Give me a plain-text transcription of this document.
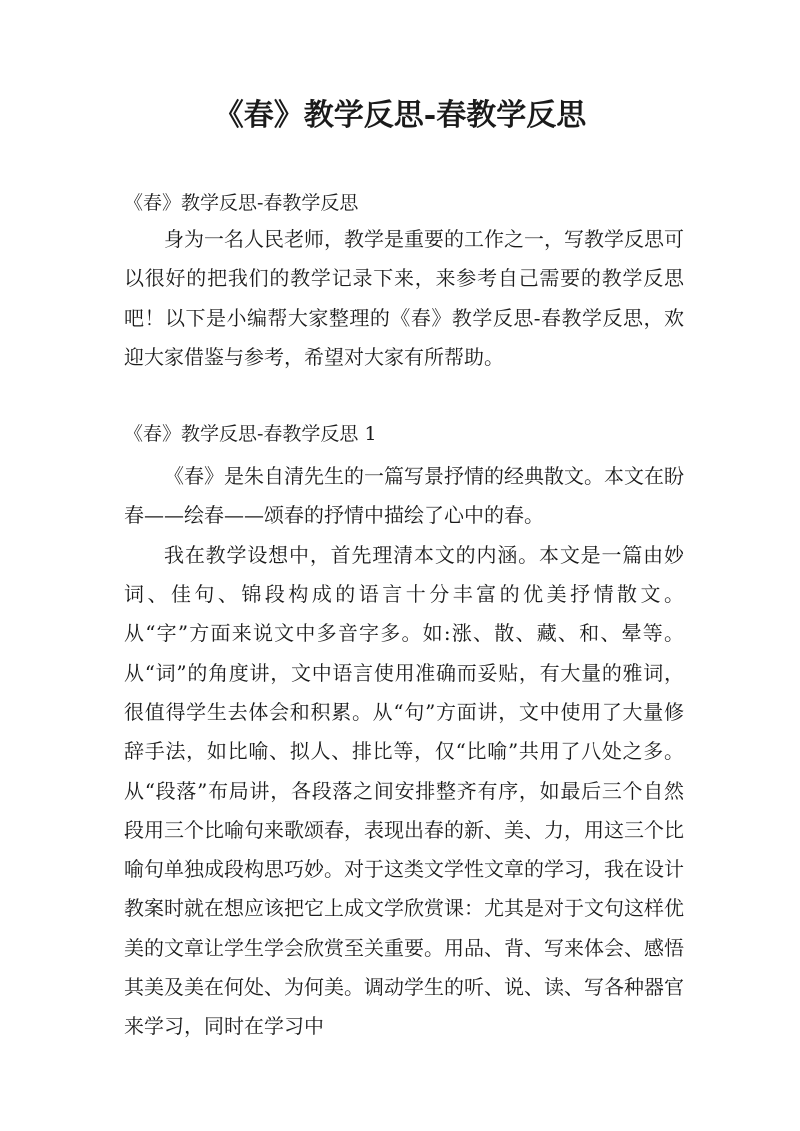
《春》教学反思-春教学反思

《春》教学反思-春教学反思

身为一名人民老师，教学是重要的工作之一，写教学反思可以很好的把我们的教学记录下来，来参考自己需要的教学反思吧！以下是小编帮大家整理的《春》教学反思-春教学反思，欢迎大家借鉴与参考，希望对大家有所帮助。

《春》教学反思-春教学反思 1

《春》是朱自清先生的一篇写景抒情的经典散文。本文在盼春——绘春——颂春的抒情中描绘了心中的春。

我在教学设想中，首先理清本文的内涵。本文是一篇由妙词、佳句、锦段构成的语言十分丰富的优美抒情散文。从“字”方面来说文中多音字多。如:涨、散、藏、和、晕等。从“词”的角度讲，文中语言使用准确而妥贴，有大量的雅词，很值得学生去体会和积累。从“句”方面讲，文中使用了大量修辞手法，如比喻、拟人、排比等，仅“比喻”共用了八处之多。从“段落”布局讲，各段落之间安排整齐有序，如最后三个自然段用三个比喻句来歌颂春，表现出春的新、美、力，用这三个比喻句单独成段构思巧妙。对于这类文学性文章的学习，我在设计教案时就在想应该把它上成文学欣赏课：尤其是对于文句这样优美的文章让学生学会欣赏至关重要。用品、背、写来体会、感悟其美及美在何处、为何美。调动学生的听、说、读、写各种器官来学习，同时在学习中
